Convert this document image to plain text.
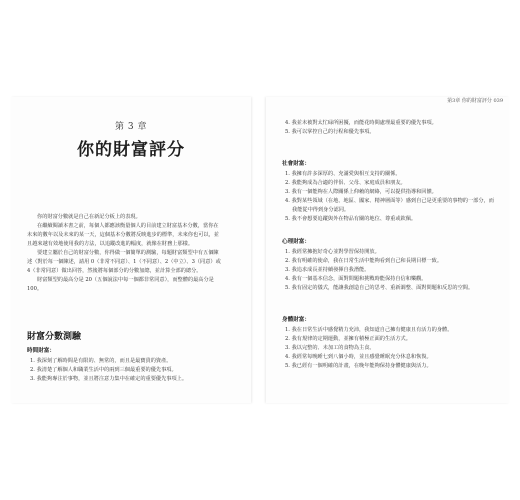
第 3 章
你的財富評分
你的財富分數就是自己在新記分板上的表現。
在繼續閱讀本書之前，每個人都應該衡量個人的目前建立財富基本分數，當你在未來的數年以及未來的某一天，這個基本分數將反映進步的標準，未來你也可以，並且越來越有效地使用我的方法，以追蹤改進的幅度，就像在財務上那樣。
要建立屬於自己的財富分數，你得做一個簡單的測驗，每題財富類型中有五個陳述（對於每一個陳述，請用 0（非常不同意）、1（不同意）、2（中立）、3（同意）或 4（非常同意）做出回答，然後將每個部分的分數加總，並計算全部的總分。
財富類型的最高分是 20（五個說法中每一個都非常同意），而整體的最高分是 100。
財富分數測驗
時間財富：
1. 我深刻了解時間是有限的、無常的，而且是最寶貴的資產。
2. 我清楚了解個人和職業生活中的兩到三個最重要的優先事項。
3. 我能夠專注於事物，並且將注意力集中在確定的重要優先事項上。
第3章 你的財富評分 039
4. 我並未被對太忙碌所困擾，而能花時間處理最重要的優先事項。
5. 我可以掌控自己的行程和優先事項。
社會財富：
1. 我擁有許多深厚的、充滿愛與相互支持的關係。
2. 我能夠成為合適的伴侶、父母、家庭成員和朋友。
3. 我有一個能夠在人際關係上仰賴的網絡，可以提供指導和回饋。
4. 我對某些領域（在地、地區、國家、精神層面等）感到自己是更重要的事物的一部分，而我能從中得到身分認同。
5. 我不會想要追蹤與外在物品有關的地位、尊重或欽佩。
心理財富：
1. 我經常擁抱好奇心並對學習保持開放。
2. 我有明確的使命，我在日常生活中能夠看到自己和長期目標一致。
3. 我追求成長並持續發揮自我潛能。
4. 我有一個基本信念，面對問題和挑戰時能保持自信和樂觀。
5. 我有固定的儀式，能讓我創造自己的思考、重新調整、面對問題和反思的空間。
身體財富：
1. 我在日常生活中感覺精力充沛，我知道自己擁有健康且有活力的身體。
2. 我有規律的定期運動，並擁有積極正面的生活方式。
3. 我以完整的、未加工的食物為主食。
4. 我經常每晚睡七到八個小時，並且感覺睡眠充分休息和恢復。
5. 我已經有一個明確的計畫，在晚年能夠保持身體健康與活力。
